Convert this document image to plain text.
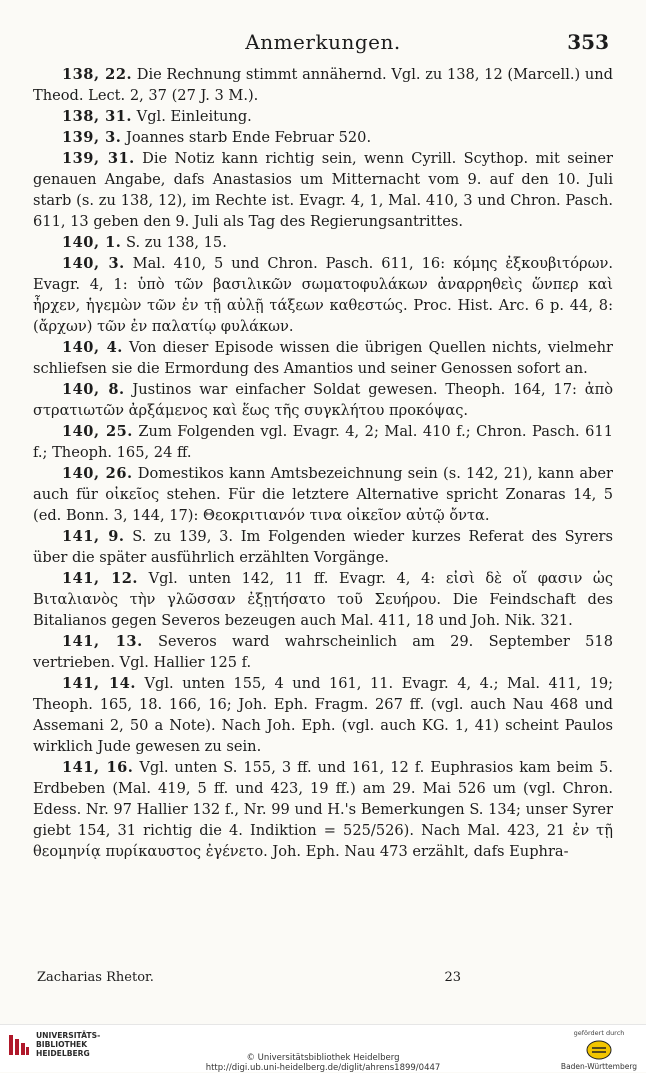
Anmerkungen.	353

138, 22. Die Rechnung stimmt annähernd. Vgl. zu 138, 12 (Marcell.) und Theod. Lect. 2, 37 (27 J. 3 M.).

138, 31. Vgl. Einleitung.

139, 3. Joannes starb Ende Februar 520.

139, 31. Die Notiz kann richtig sein, wenn Cyrill. Scythop. mit seiner genauen Angabe, dafs Anastasios um Mitternacht vom 9. auf den 10. Juli starb (s. zu 138, 12), im Rechte ist. Evagr. 4, 1, Mal. 410, 3 und Chron. Pasch. 611, 13 geben den 9. Juli als Tag des Regierungsantrittes.

140, 1. S. zu 138, 15.

140, 3. Mal. 410, 5 und Chron. Pasch. 611, 16: κόμης ἐξκουβιτόρων. Evagr. 4, 1: ὑπὸ τῶν βασιλικῶν σωματοφυλάκων ἀναρρηθεὶς ὥνπερ καὶ ἦρχεν, ἡγεμὼν τῶν ἐν τῇ αὐλῇ τάξεων καθεστώς. Proc. Hist. Arc. 6 p. 44, 8: (ἄρχων) τῶν ἐν παλατίῳ φυλάκων.

140, 4. Von dieser Episode wissen die übrigen Quellen nichts, vielmehr schliefsen sie die Ermordung des Amantios und seiner Genossen sofort an.

140, 8. Justinos war einfacher Soldat gewesen. Theoph. 164, 17: ἀπὸ στρατιωτῶν ἀρξάμενος καὶ ἕως τῆς συγκλήτου προκόψας.

140, 25. Zum Folgenden vgl. Evagr. 4, 2; Mal. 410 f.; Chron. Pasch. 611 f.; Theoph. 165, 24 ff.

140, 26. Domestikos kann Amtsbezeichnung sein (s. 142, 21), kann aber auch für οἰκεῖος stehen. Für die letztere Alternative spricht Zonaras 14, 5 (ed. Bonn. 3, 144, 17): Θεοκριτιανόν τινα οἰκεῖον αὐτῷ ὄντα.

141, 9. S. zu 139, 3. Im Folgenden wieder kurzes Referat des Syrers über die später ausführlich erzählten Vorgänge.

141, 12. Vgl. unten 142, 11 ff. Evagr. 4, 4: εἰσὶ δὲ οἵ φασιν ὡς Βιταλιανὸς τὴν γλῶσσαν ἐξῃτήσατο τοῦ Σευήρου. Die Feindschaft des Bitalianos gegen Severos bezeugen auch Mal. 411, 18 und Joh. Nik. 321.

141, 13. Severos ward wahrscheinlich am 29. September 518 vertrieben. Vgl. Hallier 125 f.

141, 14. Vgl. unten 155, 4 und 161, 11. Evagr. 4, 4.; Mal. 411, 19; Theoph. 165, 18. 166, 16; Joh. Eph. Fragm. 267 ff. (vgl. auch Nau 468 und Assemani 2, 50 a Note). Nach Joh. Eph. (vgl. auch KG. 1, 41) scheint Paulos wirklich Jude gewesen zu sein.

141, 16. Vgl. unten S. 155, 3 ff. und 161, 12 f. Euphrasios kam beim 5. Erdbeben (Mal. 419, 5 ff. und 423, 19 ff.) am 29. Mai 526 um (vgl. Chron. Edess. Nr. 97 Hallier 132 f., Nr. 99 und H.'s Bemerkungen S. 134; unser Syrer giebt 154, 31 richtig die 4. Indiktion = 525/526). Nach Mal. 423, 21 ἐν τῇ θεομηνίᾳ πυρίκαυστος ἐγένετο. Joh. Eph. Nau 473 erzählt, dafs Euphra-

Zacharias Rhetor.	23
UNIVERSITÄTS-
BIBLIOTHEK
HEIDELBERG	© Universitätsbibliothek Heidelberg
http://digi.ub.uni-heidelberg.de/diglit/ahrens1899/0447
gefördert durch
Baden-Württemberg
